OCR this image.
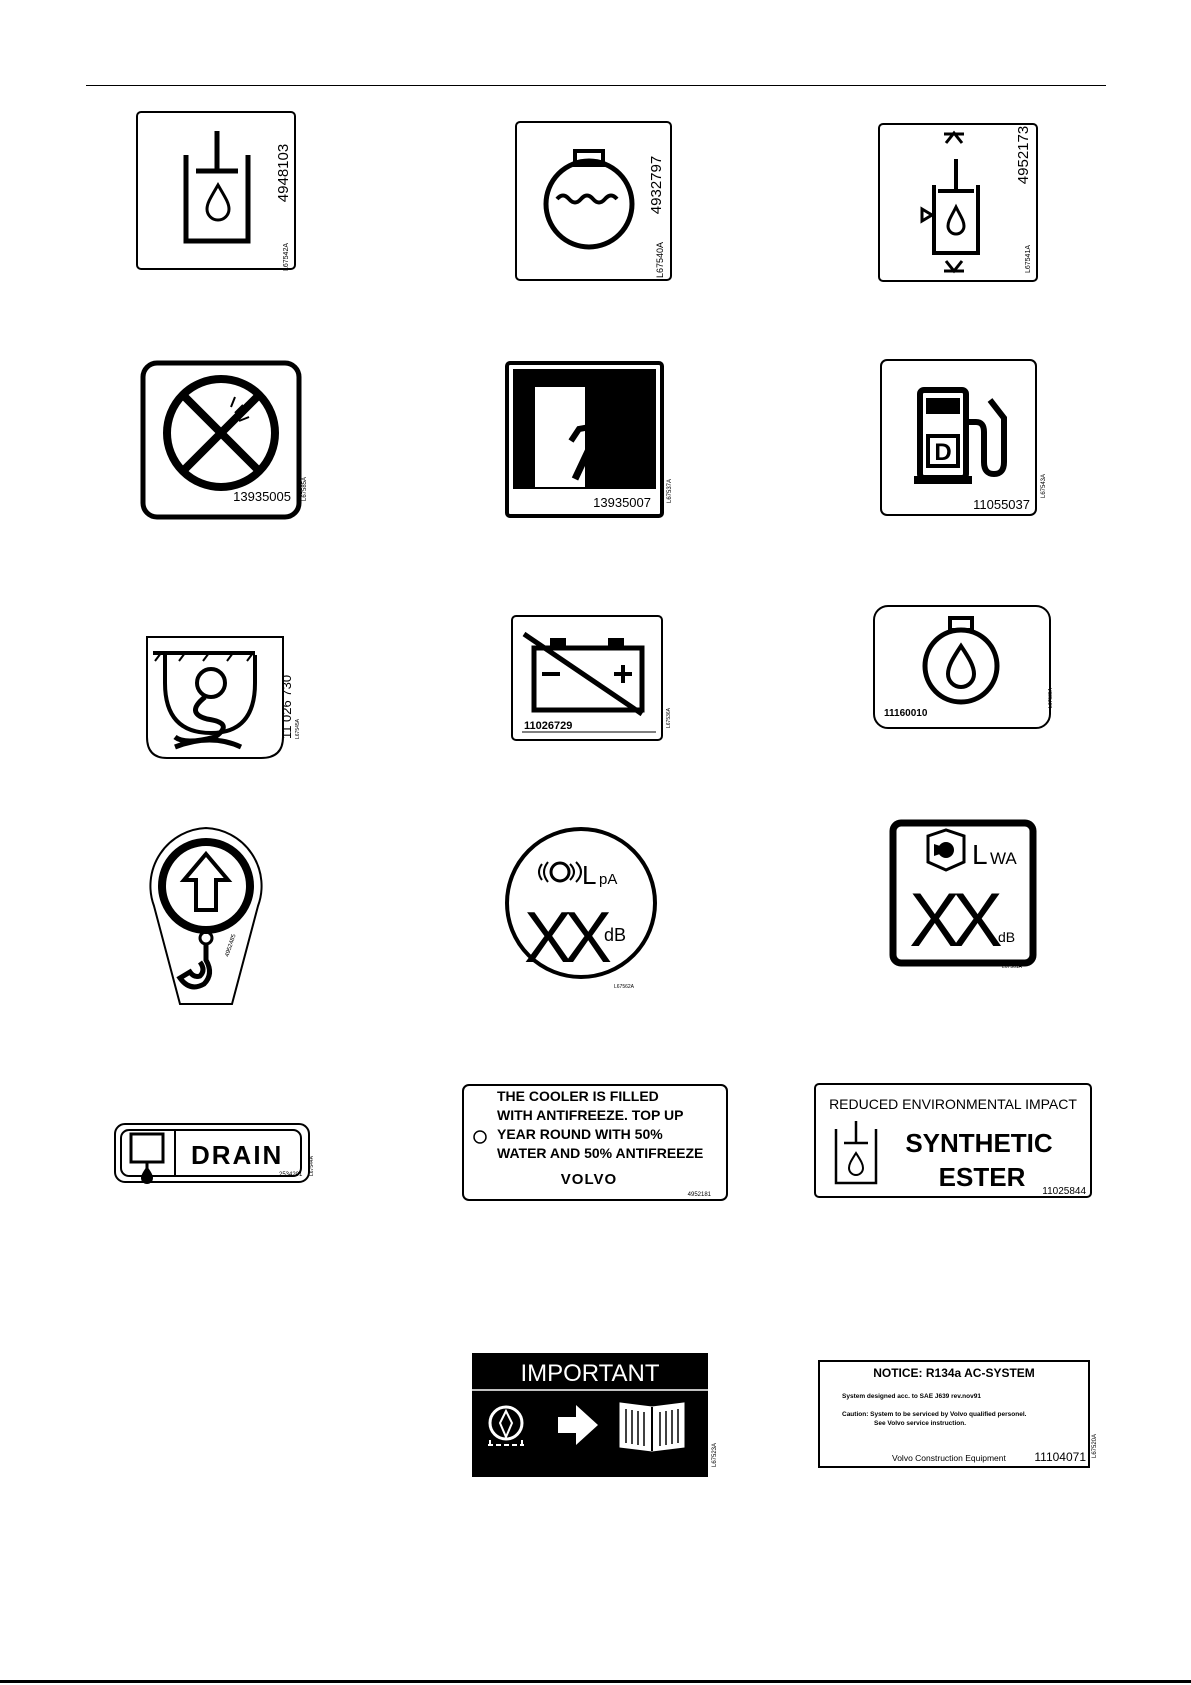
4948103
L67542A
4932797
L67540A
4952173
L67541A
13935005 L67585A
13935007	L67537A
D
11055037
L67543A
11 026 730 L67545A	11026729	L67536A	11160010
L67539A
4952485
L pA
XX dB
L67562A
L WA
XX dB
L67561A
DRAIN
2534201 L67544A
THE COOLER IS FILLED
WITH ANTIFREEZE. TOP UP
YEAR ROUND WITH 50%
WATER AND 50% ANTIFREEZE
VOLVO
4952181
REDUCED ENVIRONMENTAL IMPACT
SYNTHETIC
ESTER 11025844
IMPORTANT
L67523A
NOTICE: R134a AC-SYSTEM
System designed acc. to SAE J639 rev.nov91
Caution: System to be serviced by Volvo qualified personel.
See Volvo service instruction.
Volvo Construction Equipment 11104071 L67520A
